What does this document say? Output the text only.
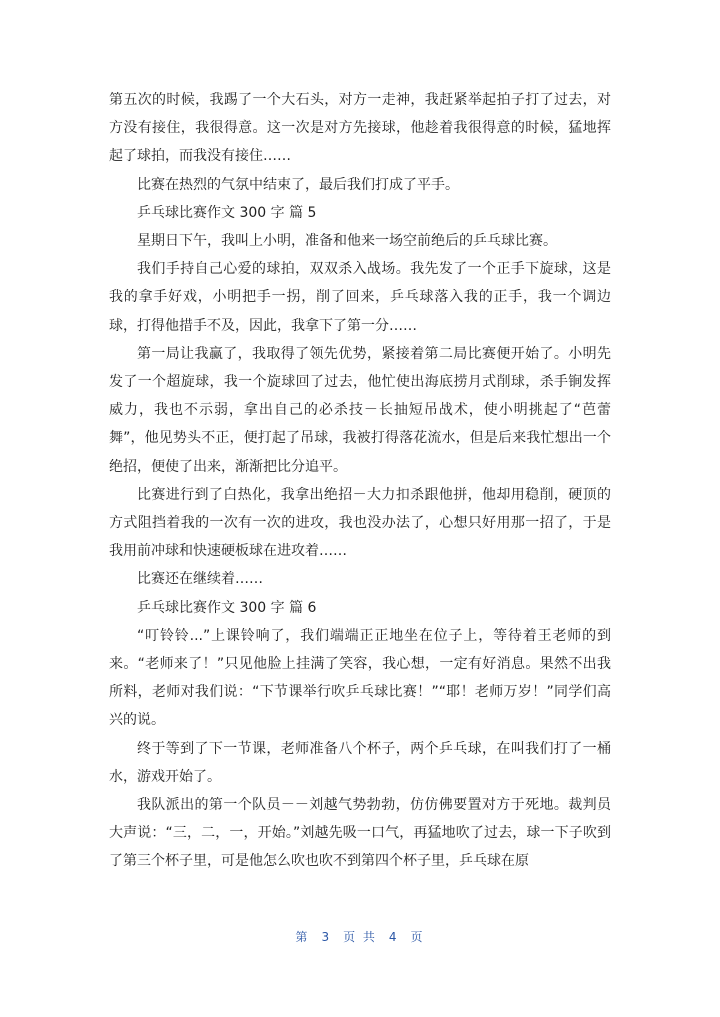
第五次的时候，我踢了一个大石头，对方一走神，我赶紧举起拍子打了过去，对方没有接住，我很得意。这一次是对方先接球，他趁着我很得意的时候，猛地挥起了球拍，而我没有接住……

比赛在热烈的气氛中结束了，最后我们打成了平手。

乒乓球比赛作文 300 字 篇 5

星期日下午，我叫上小明，准备和他来一场空前绝后的乒乓球比赛。

我们手持自己心爱的球拍，双双杀入战场。我先发了一个正手下旋球，这是我的拿手好戏，小明把手一拐，削了回来，乒乓球落入我的正手，我一个调边球，打得他措手不及，因此，我拿下了第一分……

第一局让我赢了，我取得了领先优势，紧接着第二局比赛便开始了。小明先发了一个超旋球，我一个旋球回了过去，他忙使出海底捞月式削球，杀手锏发挥威力，我也不示弱，拿出自己的必杀技－长抽短吊战术，使小明挑起了“芭蕾舞”，他见势头不正，便打起了吊球，我被打得落花流水，但是后来我忙想出一个绝招，便使了出来，渐渐把比分追平。

比赛进行到了白热化，我拿出绝招－大力扣杀跟他拼，他却用稳削，硬顶的方式阻挡着我的一次有一次的进攻，我也没办法了，心想只好用那一招了，于是我用前冲球和快速硬板球在进攻着……

比赛还在继续着……

乒乓球比赛作文 300 字 篇 6

“叮铃铃...”上课铃响了，我们端端正正地坐在位子上，等待着王老师的到来。“老师来了！”只见他脸上挂满了笑容，我心想，一定有好消息。果然不出我所料，老师对我们说：“下节课举行吹乒乓球比赛！”“耶！老师万岁！”同学们高兴的说。

终于等到了下一节课，老师准备八个杯子，两个乒乓球，在叫我们打了一桶水，游戏开始了。

我队派出的第一个队员－－刘越气势勃勃，仿仿佛要置对方于死地。裁判员大声说：“三，二，一，开始。”刘越先吸一口气，再猛地吹了过去，球一下子吹到了第三个杯子里，可是他怎么吹也吹不到第四个杯子里，乒乓球在原

第 3 页 共 4 页
